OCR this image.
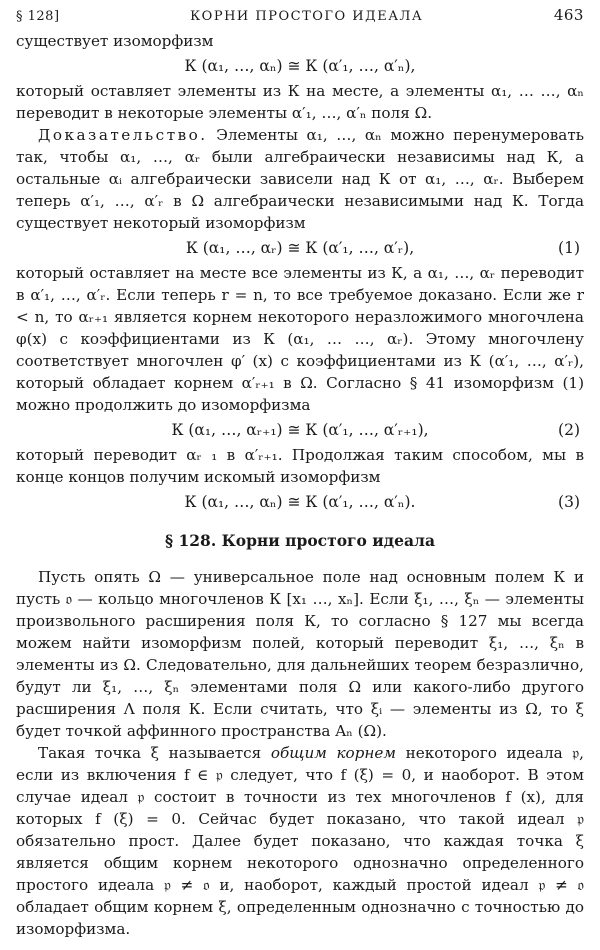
§ 128]	КОРНИ ПРОСТОГО ИДЕАЛА	463

существует изоморфизм

К (α₁, …, αₙ) ≅ К (α′₁, …, α′ₙ),

который оставляет элементы из К на месте, а элементы α₁, … …, αₙ переводит в некоторые элементы α′₁, …, α′ₙ поля Ω.

Доказательство. Элементы α₁, …, αₙ можно перенумеровать так, чтобы α₁, …, αᵣ были алгебраически независимы над К, а остальные αᵢ алгебраически зависели над К от α₁, …, αᵣ. Выберем теперь α′₁, …, α′ᵣ в Ω алгебраически независимыми над К. Тогда существует некоторый изоморфизм

К (α₁, …, αᵣ) ≅ К (α′₁, …, α′ᵣ),	(1)

который оставляет на месте все элементы из К, а α₁, …, αᵣ переводит в α′₁, …, α′ᵣ. Если теперь r = n, то все требуемое доказано. Если же r < n, то αᵣ₊₁ является корнем некоторого неразложимого многочлена φ(x) с коэффициентами из К (α₁, … …, αᵣ). Этому многочлену соответствует многочлен φ′ (x) с коэффициентами из К (α′₁, …, α′ᵣ), который обладает корнем α′ᵣ₊₁ в Ω. Согласно § 41 изоморфизм (1) можно продолжить до изоморфизма

К (α₁, …, αᵣ₊₁) ≅ К (α′₁, …, α′ᵣ₊₁),	(2)

который переводит αᵣ ₁ в α′ᵣ₊₁. Продолжая таким способом, мы в конце концов получим искомый изоморфизм

К (α₁, …, αₙ) ≅ К (α′₁, …, α′ₙ).	(3)
§ 128. Корни простого идеала

Пусть опять Ω — универсальное поле над основным полем К и пусть 𝔬 — кольцо многочленов К [x₁ …, xₙ]. Если ξ₁, …, ξₙ — элементы произвольного расширения поля К, то согласно § 127 мы всегда можем найти изоморфизм полей, который переводит ξ₁, …, ξₙ в элементы из Ω. Следовательно, для дальнейших теорем безразлично, будут ли ξ₁, …, ξₙ элементами поля Ω или какого-либо другого расширения Λ поля К. Если считать, что ξᵢ — элементы из Ω, то ξ будет точкой аффинного пространства Aₙ (Ω).

Такая точка ξ называется общим корнем некоторого идеала 𝔭, если из включения f ∈ 𝔭 следует, что f (ξ) = 0, и наоборот. В этом случае идеал 𝔭 состоит в точности из тех многочленов f (x), для которых f (ξ) = 0. Сейчас будет показано, что такой идеал 𝔭 обязательно прост. Далее будет показано, что каждая точка ξ является общим корнем некоторого однозначно определенного простого идеала 𝔭 ≠ 𝔬 и, наоборот, каждый простой идеал 𝔭 ≠ 𝔬 обладает общим корнем ξ, определенным однозначно с точностью до изоморфизма.
